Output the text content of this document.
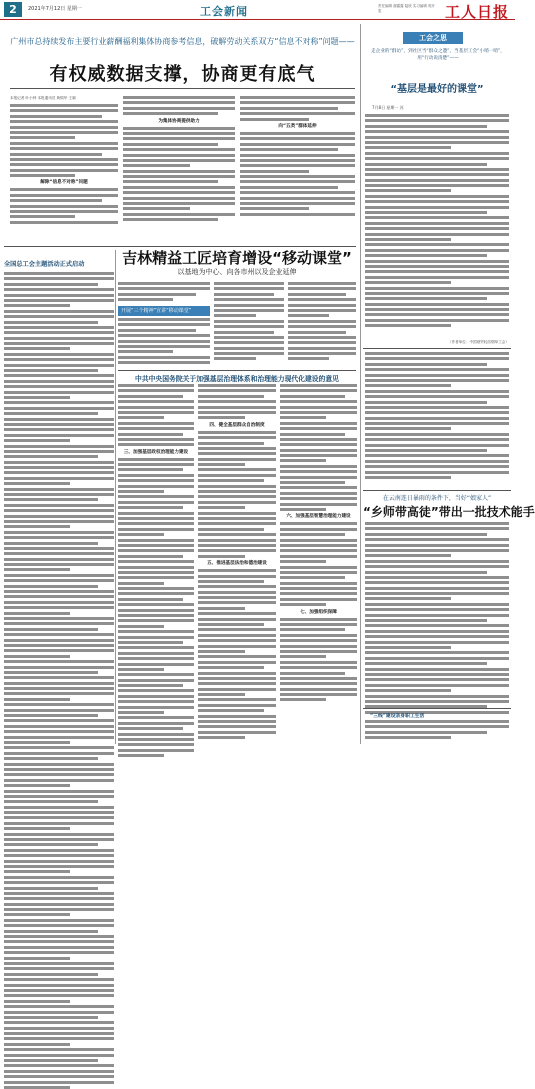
2	2021年7月12日 星期一	工会新闻	责任编辑 谢露露 陆欣 实习编辑 郭开玺	工人日报
广州市总持续发布主要行业薪酬福利集体协商参考信息，破解劳动关系双方“信息不对称”问题——
有权威数据支撑，协商更有底气
本报记者 叶小钟 本报通讯员 黄锦华 王颖
解除“信息不对称”问题
为集体协商提供助力
向“五类”群体延伸
工会之思
走企业的“群访”，到社区当“群众之邀”，当基层工会“小哨一哨”，用“行动说清楚”——
“基层是最好的课堂”
7月8日 星期一 苏
（作者单位：中国财贸轻纺烟草工会）
全国总工会主题活动正式启动	吉林精益工匠培育增设“移动课堂”
以基地为中心、向各市州以及企业延伸
开展“三个精神”宣讲“移动课堂”
中共中央国务院关于加强基层治理体系和治理能力现代化建设的意见
三、加强基层政权治理能力建设
四、健全基层群众自治制度
五、推进基层法治和德治建设
六、加强基层智慧治理能力建设
七、加强组织保障
在云南连日暴雨的条件下，当好“娘家人”
“乡师带高徒”带出一批技术能手
“三线”建设亲身职工生活
